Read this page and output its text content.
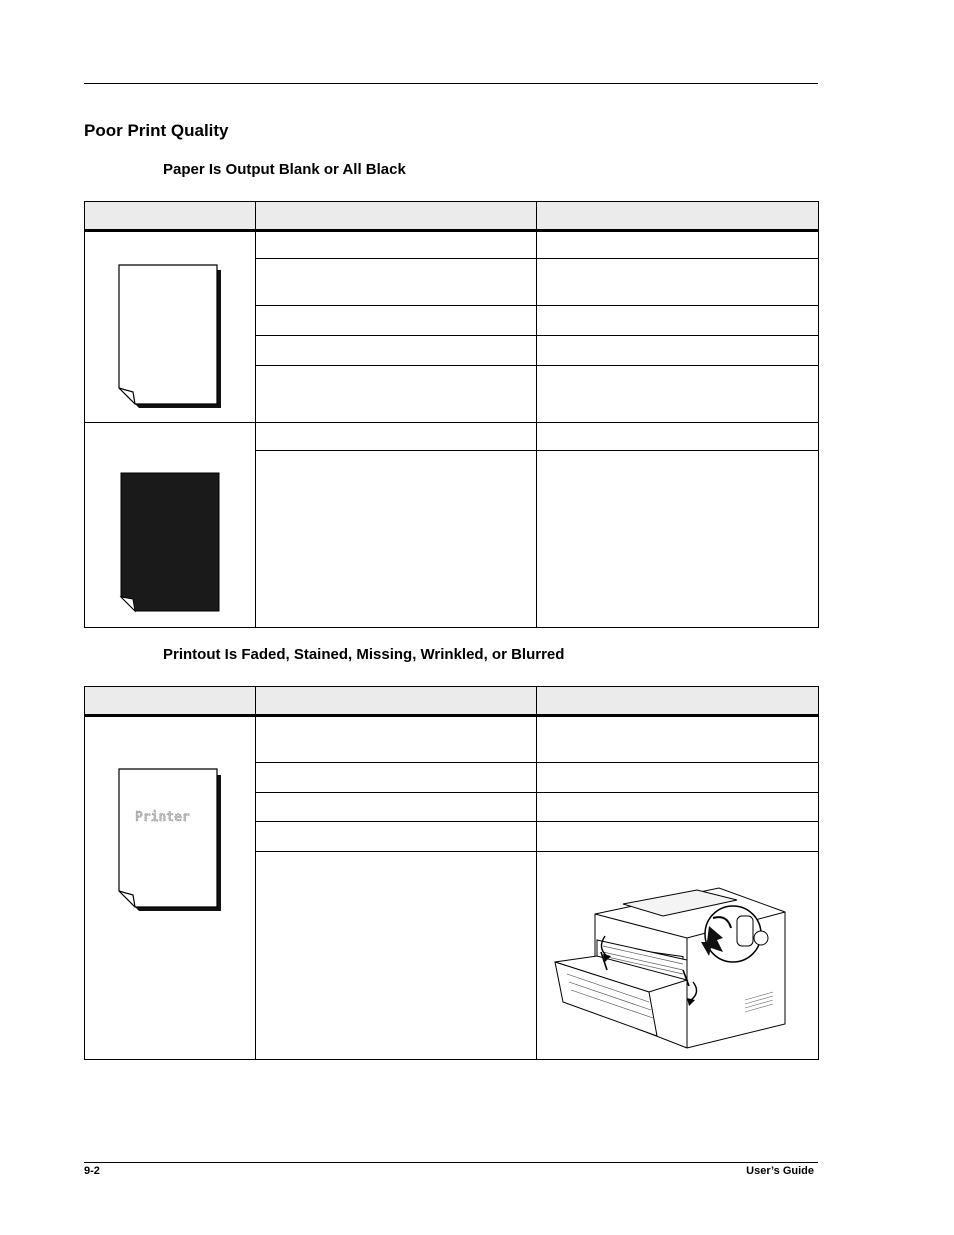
Poor Print Quality
Paper Is Output Blank or All Black

Printout Is Faded, Stained, Missing, Wrinkled, or Blurred

Printer		

9-2	User’s Guide
